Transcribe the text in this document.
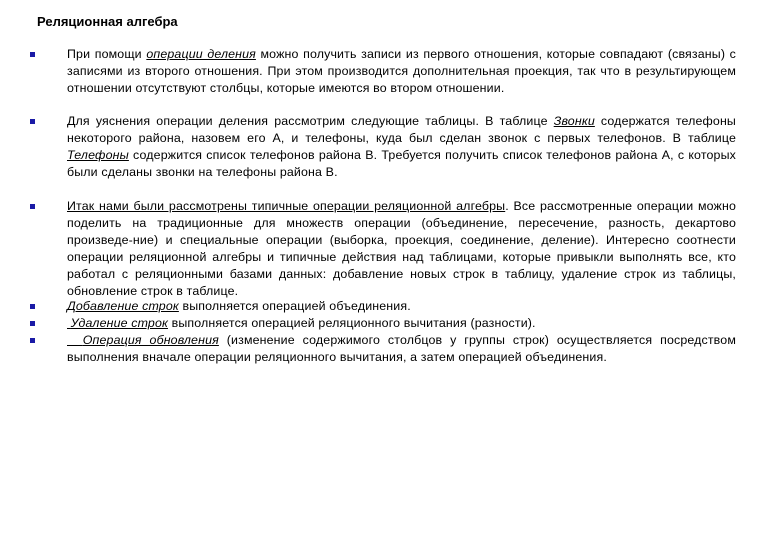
Реляционная алгебра
При помощи операции деления можно получить записи из первого отношения, которые совпадают (связаны) с записями из второго отношения. При этом производится дополнительная проекция, так что в результирующем отношении отсутствуют столбцы, которые имеются во втором отношении.
Для уяснения операции деления рассмотрим следующие таблицы. В таблице Звонки содержатся телефоны некоторого района, назовем его A, и телефоны, куда был сделан звонок с первых телефонов. В таблице Телефоны содержится список телефонов района B. Требуется получить список телефонов района A, с которых были сделаны звонки на телефоны района B.
Итак нами были рассмотрены типичные операции реляционной алгебры. Все рассмотренные операции можно поделить на традиционные для множеств операции (объединение, пересечение, разность, декартово произведе-ние) и специальные операции (выборка, проекция, соединение, деление). Интересно соотнести операции реляционной алгебры и типичные действия над таблицами, которые привыкли выполнять все, кто работал с реляционными базами данных: добавление новых строк в таблицу, удаление строк из таблицы, обновление строк в таблице.
Добавление строк выполняется операцией объединения.
Удаление строк выполняется операцией реляционного вычитания (разности).
Операция обновления (изменение содержимого столбцов у группы строк) осуществляется посредством выполнения вначале операции реляционного вычитания, а затем операцией объединения.
